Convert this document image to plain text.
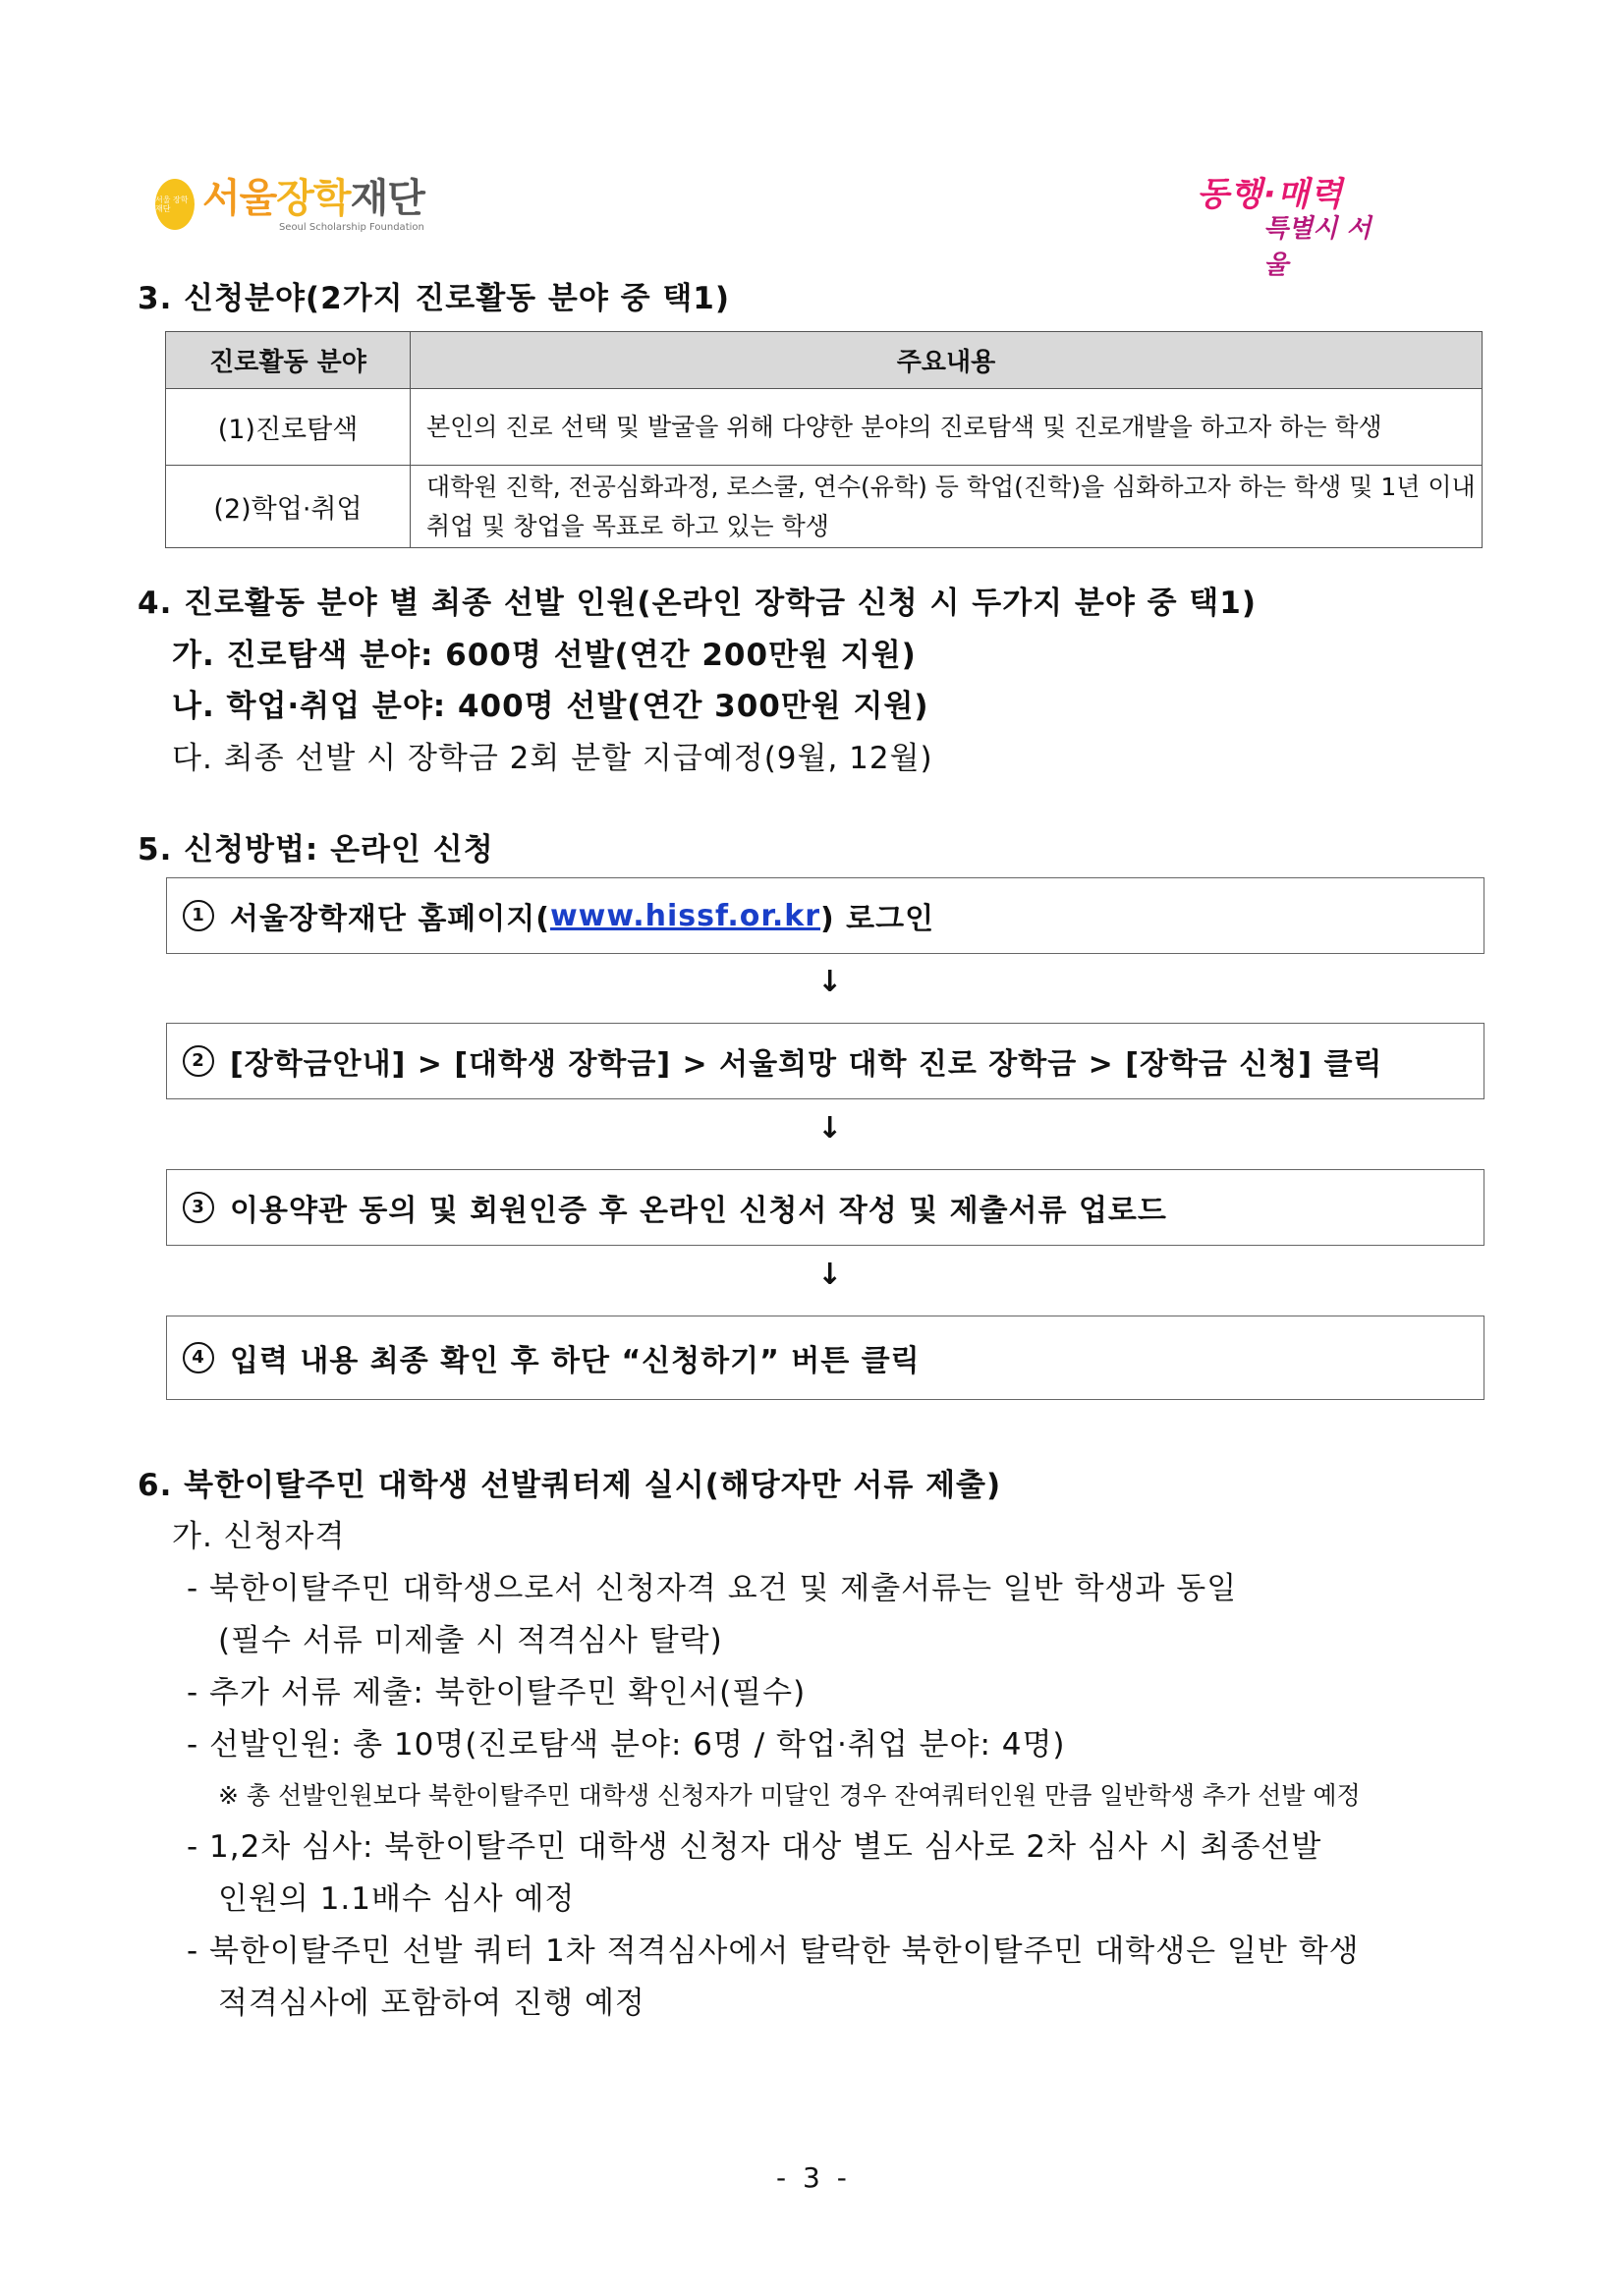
서울 장학 재단 서울장학재단
Seoul Scholarship Foundation
동행·매력
특별시 서울
3. 신청분야(2가지 진로활동 분야 중 택1)
진로활동 분야	주요내용
(1)진로탐색	본인의 진로 선택 및 발굴을 위해 다양한 분야의 진로탐색 및 진로개발을 하고자 하는 학생
(2)학업·취업	대학원 진학, 전공심화과정, 로스쿨, 연수(유학) 등 학업(진학)을 심화하고자 하는 학생 및 1년 이내
취업 및 창업을 목표로 하고 있는 학생
4. 진로활동 분야 별 최종 선발 인원(온라인 장학금 신청 시 두가지 분야 중 택1)
가. 진로탐색 분야: 600명 선발(연간 200만원 지원)
나. 학업·취업 분야: 400명 선발(연간 300만원 지원)
다. 최종 선발 시 장학금 2회 분할 지급예정(9월, 12월)
5. 신청방법: 온라인 신청
1 서울장학재단 홈페이지( www.hissf.or.kr ) 로그인
↓
2 [장학금안내] > [대학생 장학금] > 서울희망 대학 진로 장학금 > [장학금 신청] 클릭
↓
3 이용약관 동의 및 회원인증 후 온라인 신청서 작성 및 제출서류 업로드
↓
4 입력 내용 최종 확인 후 하단 “신청하기” 버튼 클릭
6. 북한이탈주민 대학생 선발쿼터제 실시(해당자만 서류 제출)
가. 신청자격
- 북한이탈주민 대학생으로서 신청자격 요건 및 제출서류는 일반 학생과 동일
(필수 서류 미제출 시 적격심사 탈락)
- 추가 서류 제출: 북한이탈주민 확인서(필수)
- 선발인원: 총 10명(진로탐색 분야: 6명 / 학업·취업 분야: 4명)
※ 총 선발인원보다 북한이탈주민 대학생 신청자가 미달인 경우 잔여쿼터인원 만큼 일반학생 추가 선발 예정
- 1,2차 심사: 북한이탈주민 대학생 신청자 대상 별도 심사로 2차 심사 시 최종선발
인원의 1.1배수 심사 예정
- 북한이탈주민 선발 쿼터 1차 적격심사에서 탈락한 북한이탈주민 대학생은 일반 학생
적격심사에 포함하여 진행 예정
- 3 -
